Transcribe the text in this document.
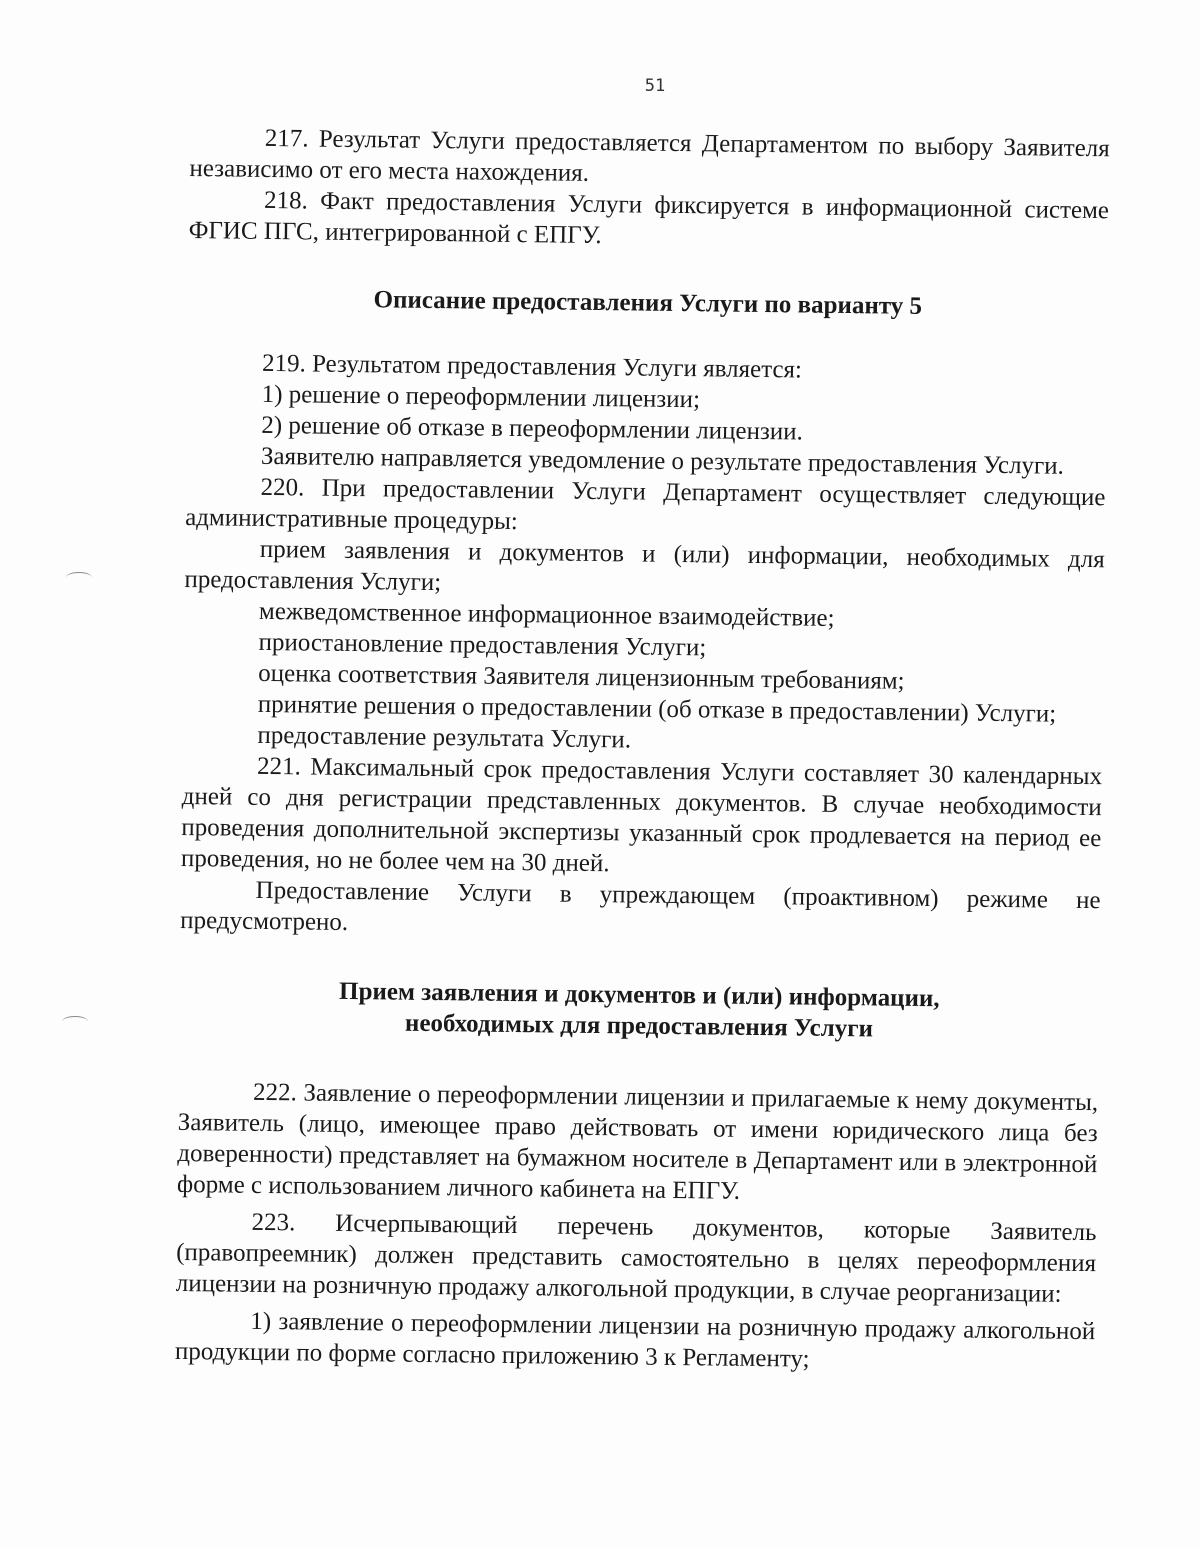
51

217. Результат Услуги предоставляется Департаментом по выбору Заявителя независимо от его места нахождения.

218. Факт предоставления Услуги фиксируется в информационной системе ФГИС ПГС, интегрированной с ЕПГУ.

Описание предоставления Услуги по варианту 5

219. Результатом предоставления Услуги является:

1) решение о переоформлении лицензии;

2) решение об отказе в переоформлении лицензии.

Заявителю направляется уведомление о результате предоставления Услуги.

220. При предоставлении Услуги Департамент осуществляет следующие административные процедуры:

прием заявления и документов и (или) информации, необходимых для предоставления Услуги;

межведомственное информационное взаимодействие;

приостановление предоставления Услуги;

оценка соответствия Заявителя лицензионным требованиям;

принятие решения о предоставлении (об отказе в предоставлении) Услуги;

предоставление результата Услуги.

221. Максимальный срок предоставления Услуги составляет 30 календарных дней со дня регистрации представленных документов. В случае необходимости проведения дополнительной экспертизы указанный срок продлевается на период ее проведения, но не более чем на 30 дней.

Предоставление Услуги в упреждающем (проактивном) режиме не предусмотрено.

Прием заявления и документов и (или) информации,
необходимых для предоставления Услуги

222. Заявление о переоформлении лицензии и прилагаемые к нему документы, Заявитель (лицо, имеющее право действовать от имени юридического лица без доверенности) представляет на бумажном носителе в Департамент или в электронной форме с использованием личного кабинета на ЕПГУ.

223. Исчерпывающий перечень документов, которые Заявитель (правопреемник) должен представить самостоятельно в целях переоформления лицензии на розничную продажу алкогольной продукции, в случае реорганизации:

1) заявление о переоформлении лицензии на розничную продажу алкогольной продукции по форме согласно приложению 3 к Регламенту;
